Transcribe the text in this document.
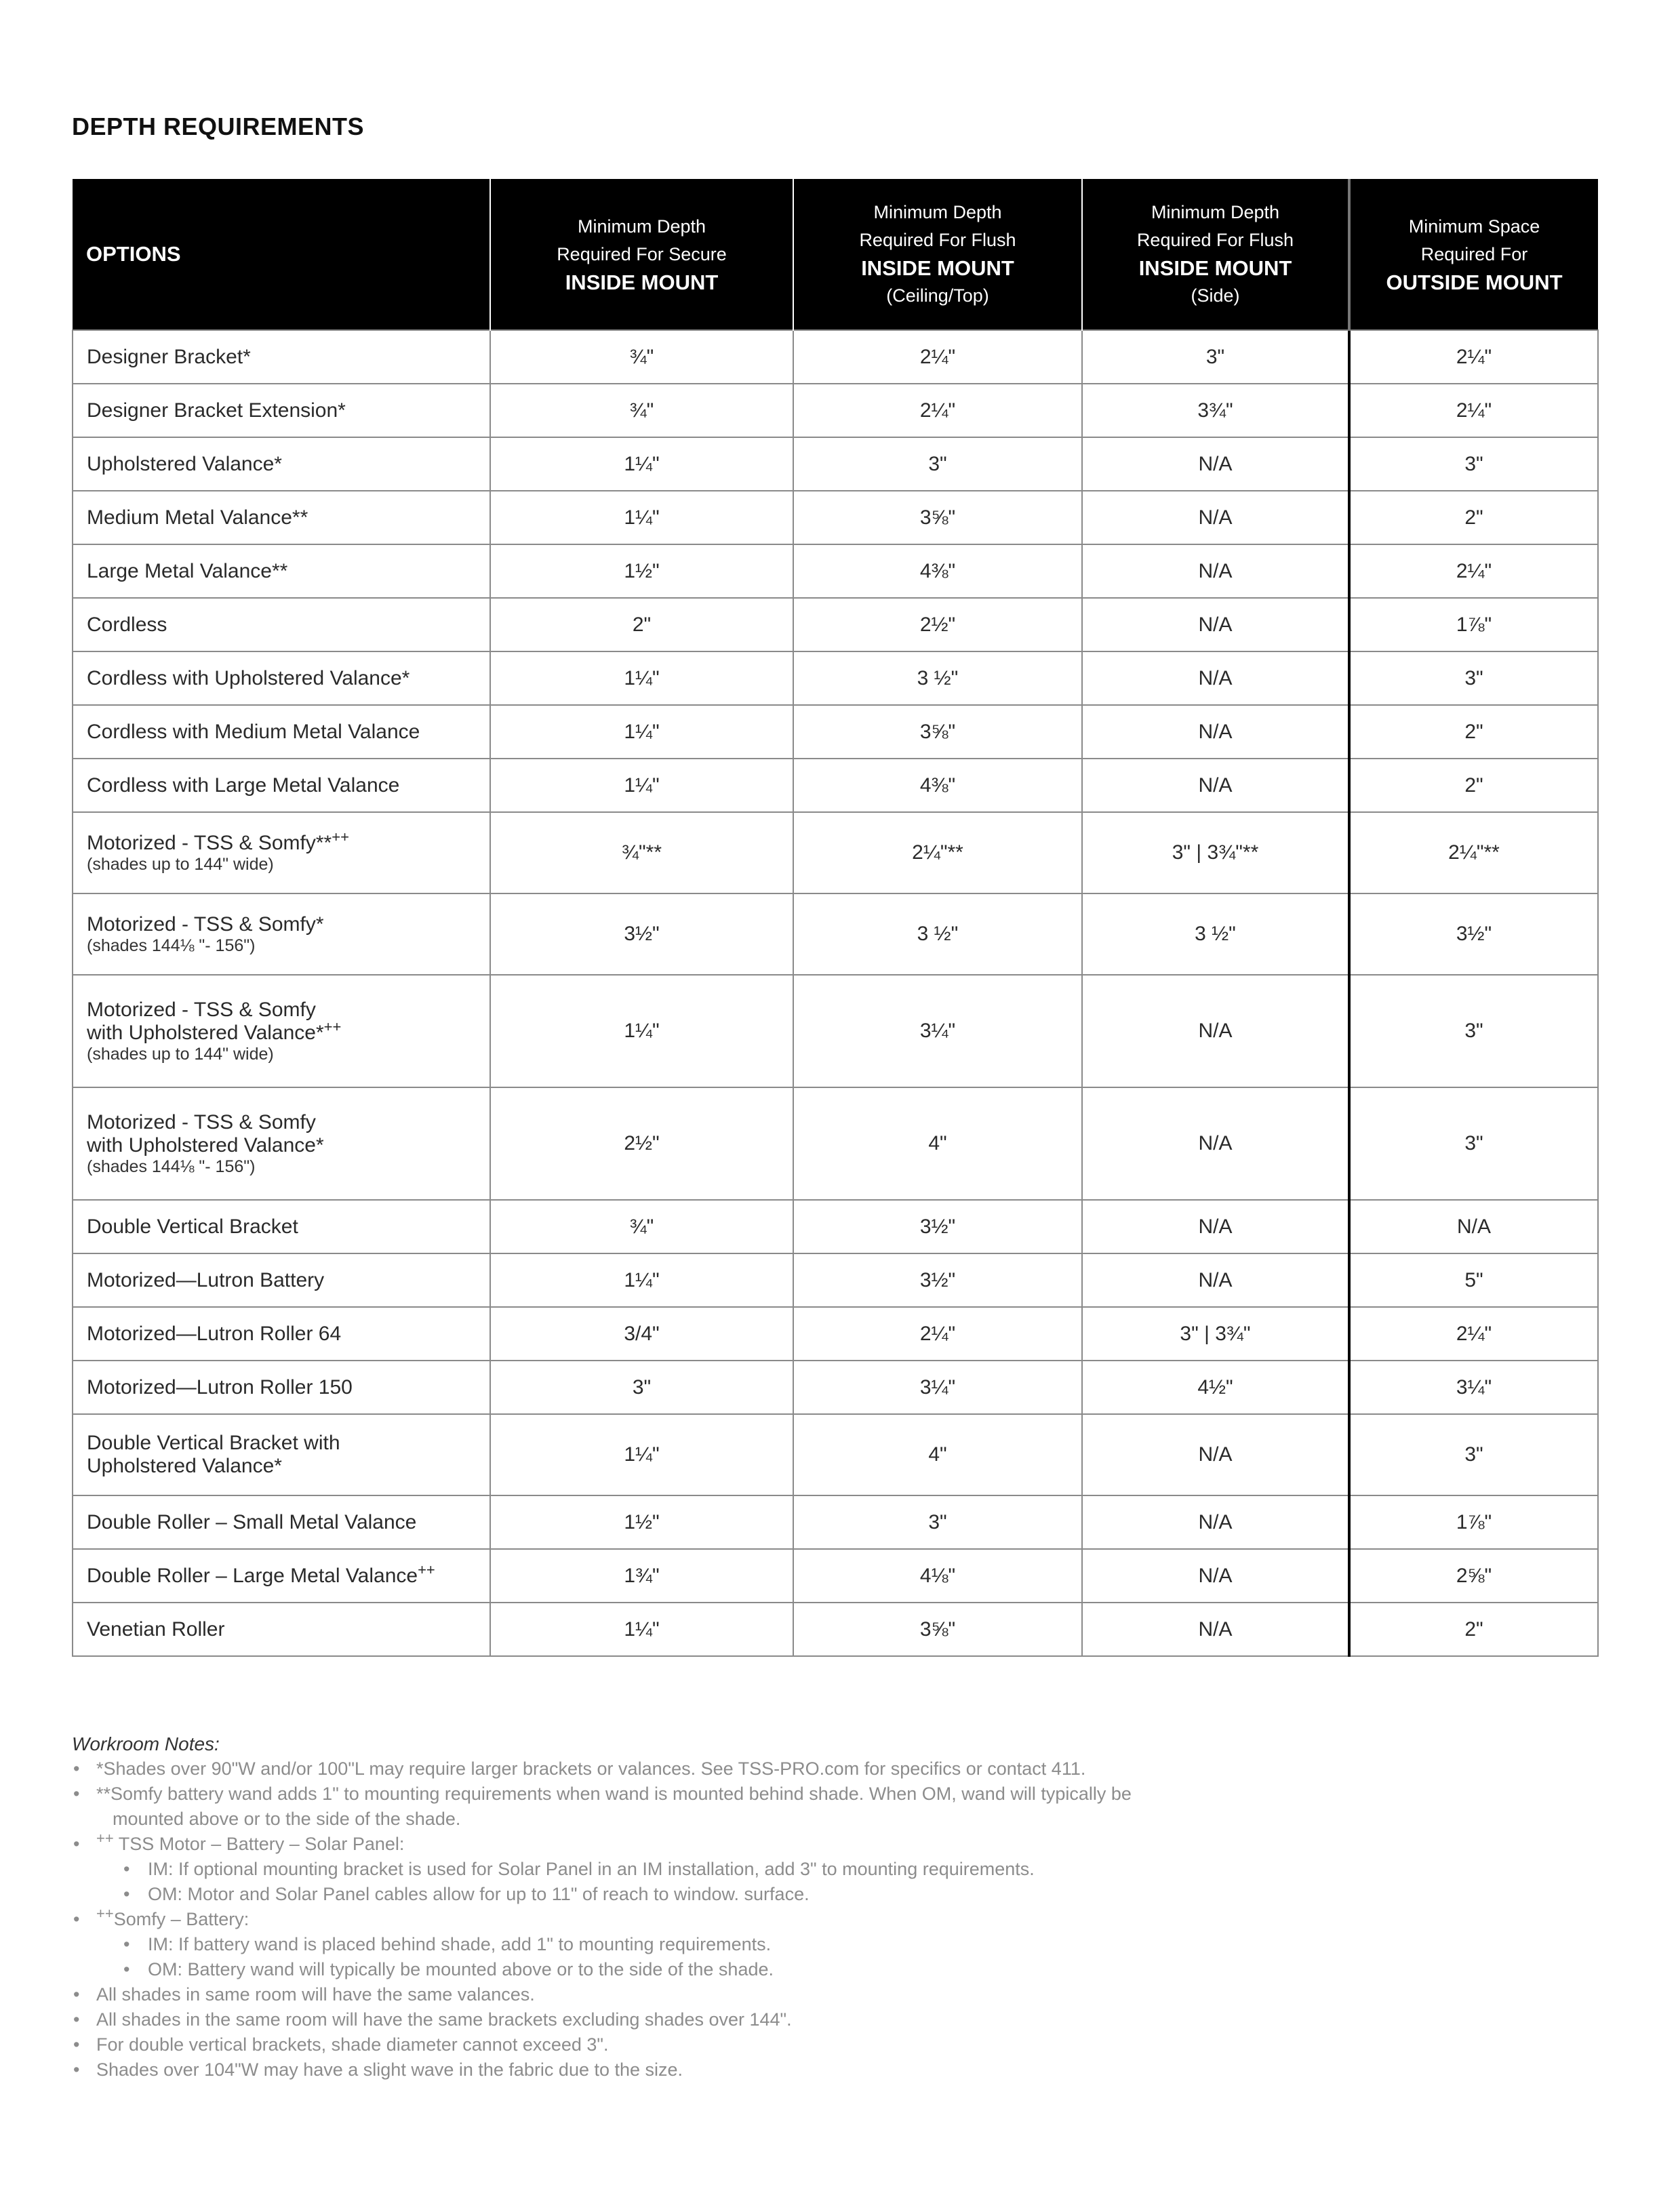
DEPTH REQUIREMENTS
OPTIONS	Minimum Depth
Required For Secure
INSIDE MOUNT	Minimum Depth
Required For Flush
INSIDE MOUNT
(Ceiling/Top)	Minimum Depth
Required For Flush
INSIDE MOUNT
(Side)	Minimum Space
Required For
OUTSIDE MOUNT

Designer Bracket*	¾"	2¼"	3"	2¼"
Designer Bracket Extension*	¾"	2¼"	3¾"	2¼"
Upholstered Valance*	1¼"	3"	N/A	3"
Medium Metal Valance**	1¼"	3⅝"	N/A	2"
Large Metal Valance**	1½"	4⅜"	N/A	2¼"
Cordless	2"	2½"	N/A	1⅞"
Cordless with Upholstered Valance*	1¼"	3 ½"	N/A	3"
Cordless with Medium Metal Valance	1¼"	3⅝"	N/A	2"
Cordless with Large Metal Valance	1¼"	4⅜"	N/A	2"

Motorized - TSS & Somfy**++
(shades up to 144" wide)	¾"**	2¼"**	3" | 3¾"**	2¼"**

Motorized - TSS & Somfy*
(shades 144⅛ "- 156")	3½"	3 ½"	3 ½"	3½"

Motorized - TSS & Somfy
with Upholstered Valance*++
(shades up to 144" wide)	1¼"	3¼"	N/A	3"

Motorized - TSS & Somfy
with Upholstered Valance*
(shades 144⅛ "- 156")	2½"	4"	N/A	3"
Double Vertical Bracket	¾"	3½"	N/A	N/A
Motorized—Lutron Battery	1¼"	3½"	N/A	5"
Motorized—Lutron Roller 64	3/4"	2¼"	3" | 3¾"	2¼"
Motorized—Lutron Roller 150	3"	3¼"	4½"	3¼"

Double Vertical Bracket with
Upholstered Valance*	1¼"	4"	N/A	3"
Double Roller – Small Metal Valance	1½"	3"	N/A	1⅞"
Double Roller – Large Metal Valance++	1¾"	4⅛"	N/A	2⅝"
Venetian Roller	1¼"	3⅝"	N/A	2"
Workroom Notes:
• *Shades over 90"W and/or 100"L may require larger brackets or valances. See TSS-PRO.com for specifics or contact 411.
• **Somfy battery wand adds 1" to mounting requirements when wand is mounted behind shade. When OM, wand will typically be
mounted above or to the side of the shade.
• ++ TSS Motor – Battery – Solar Panel:
• IM: If optional mounting bracket is used for Solar Panel in an IM installation, add 3" to mounting requirements.
• OM: Motor and Solar Panel cables allow for up to 11" of reach to window. surface.
• ++Somfy – Battery:
• IM: If battery wand is placed behind shade, add 1" to mounting requirements.
• OM: Battery wand will typically be mounted above or to the side of the shade.
• All shades in same room will have the same valances.
• All shades in the same room will have the same brackets excluding shades over 144".
• For double vertical brackets, shade diameter cannot exceed 3".
• Shades over 104"W may have a slight wave in the fabric due to the size.
